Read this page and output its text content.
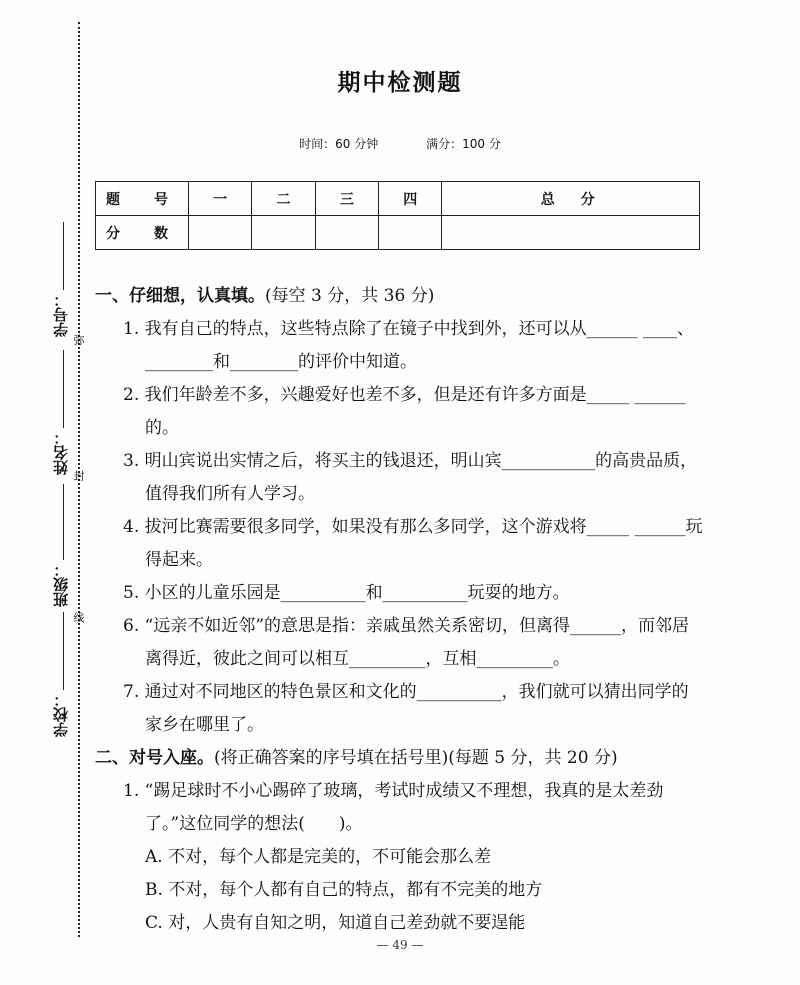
学校：
班级：
姓名：
学号：
弥
封
线
期中检测题
时间：60 分钟	满分：100 分
题　号	一	二	三	四	总　分
分　数					
一、仔细想，认真填。(每空 3 分，共 36 分)
1. 我有自己的特点，这些特点除了在镜子中找到外，还可以从______ ____、________和________的评价中知道。
2. 我们年龄差不多，兴趣爱好也差不多，但是还有许多方面是_____ ______的。
3. 明山宾说出实情之后，将买主的钱退还，明山宾___________的高贵品质，值得我们所有人学习。
4. 拔河比赛需要很多同学，如果没有那么多同学，这个游戏将_____ ______玩得起来。
5. 小区的儿童乐园是__________和__________玩耍的地方。
6. “远亲不如近邻”的意思是指：亲戚虽然关系密切，但离得______，而邻居离得近，彼此之间可以相互_________，互相_________。
7. 通过对不同地区的特色景区和文化的__________，我们就可以猜出同学的家乡在哪里了。
二、对号入座。(将正确答案的序号填在括号里)(每题 5 分，共 20 分)
1. “踢足球时不小心踢碎了玻璃，考试时成绩又不理想，我真的是太差劲了。”这位同学的想法(　　)。
A. 不对，每个人都是完美的，不可能会那么差
B. 不对，每个人都有自己的特点，都有不完美的地方
C. 对，人贵有自知之明，知道自己差劲就不要逞能
— 49 —
